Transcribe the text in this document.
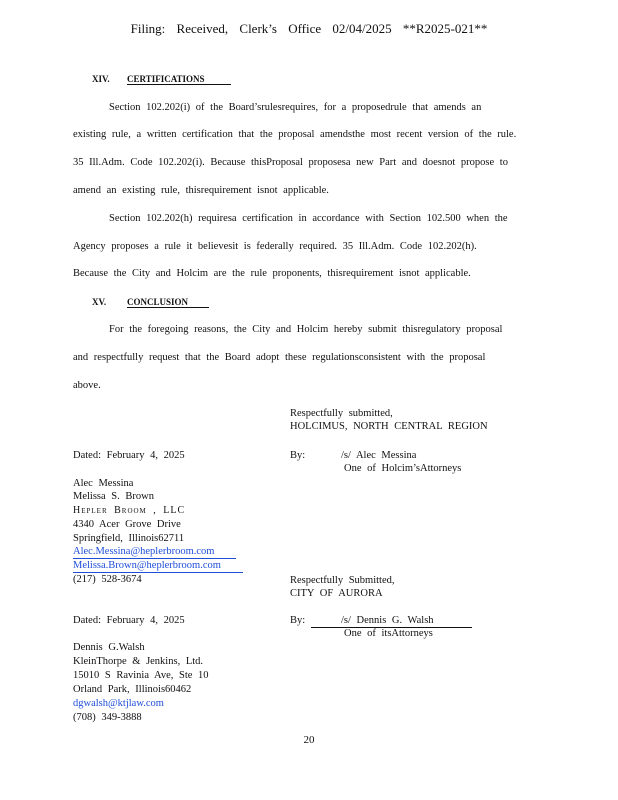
Filing: Received, Clerk’s Office 02/04/2025 **R2025-021**
XIV. CERTIFICATIONS
Section 102.202(i) of the Board’srulesrequires, for a proposedrule that amends an
existing rule, a written certification that the proposal amendsthe most recent version of the rule.
35 Ill.Adm. Code 102.202(i). Because thisProposal proposesa new Part and doesnot propose to
amend an existing rule, thisrequirement isnot applicable.
Section 102.202(h) requiresa certification in accordance with Section 102.500 when the
Agency proposes a rule it believesit is federally required. 35 Ill.Adm. Code 102.202(h).
Because the City and Holcim are the rule proponents, thisrequirement isnot applicable.
XV. CONCLUSION
For the foregoing reasons, the City and Holcim hereby submit thisregulatory proposal
and respectfully request that the Board adopt these regulationsconsistent with the proposal
above.
Respectfully submitted,
HOLCIMUS, NORTH CENTRAL REGION
Dated: February 4, 2025	By:	/s/ Alec Messina
One of Holcim’sAttorneys
Alec Messina
Melissa S. Brown
Hepler Broom , LLC
4340 Acer Grove Drive
Springfield, Illinois62711
Alec.Messina@heplerbroom.com
Melissa.Brown@heplerbroom.com
(217) 528-3674	Respectfully Submitted,
CITY OF AURORA
Dated: February 4, 2025	By:	/s/ Dennis G. Walsh
One of itsAttorneys
Dennis G.Walsh
KleinThorpe & Jenkins, Ltd.
15010 S Ravinia Ave, Ste 10
Orland Park, Illinois60462
dgwalsh@ktjlaw.com
(708) 349-3888
20
